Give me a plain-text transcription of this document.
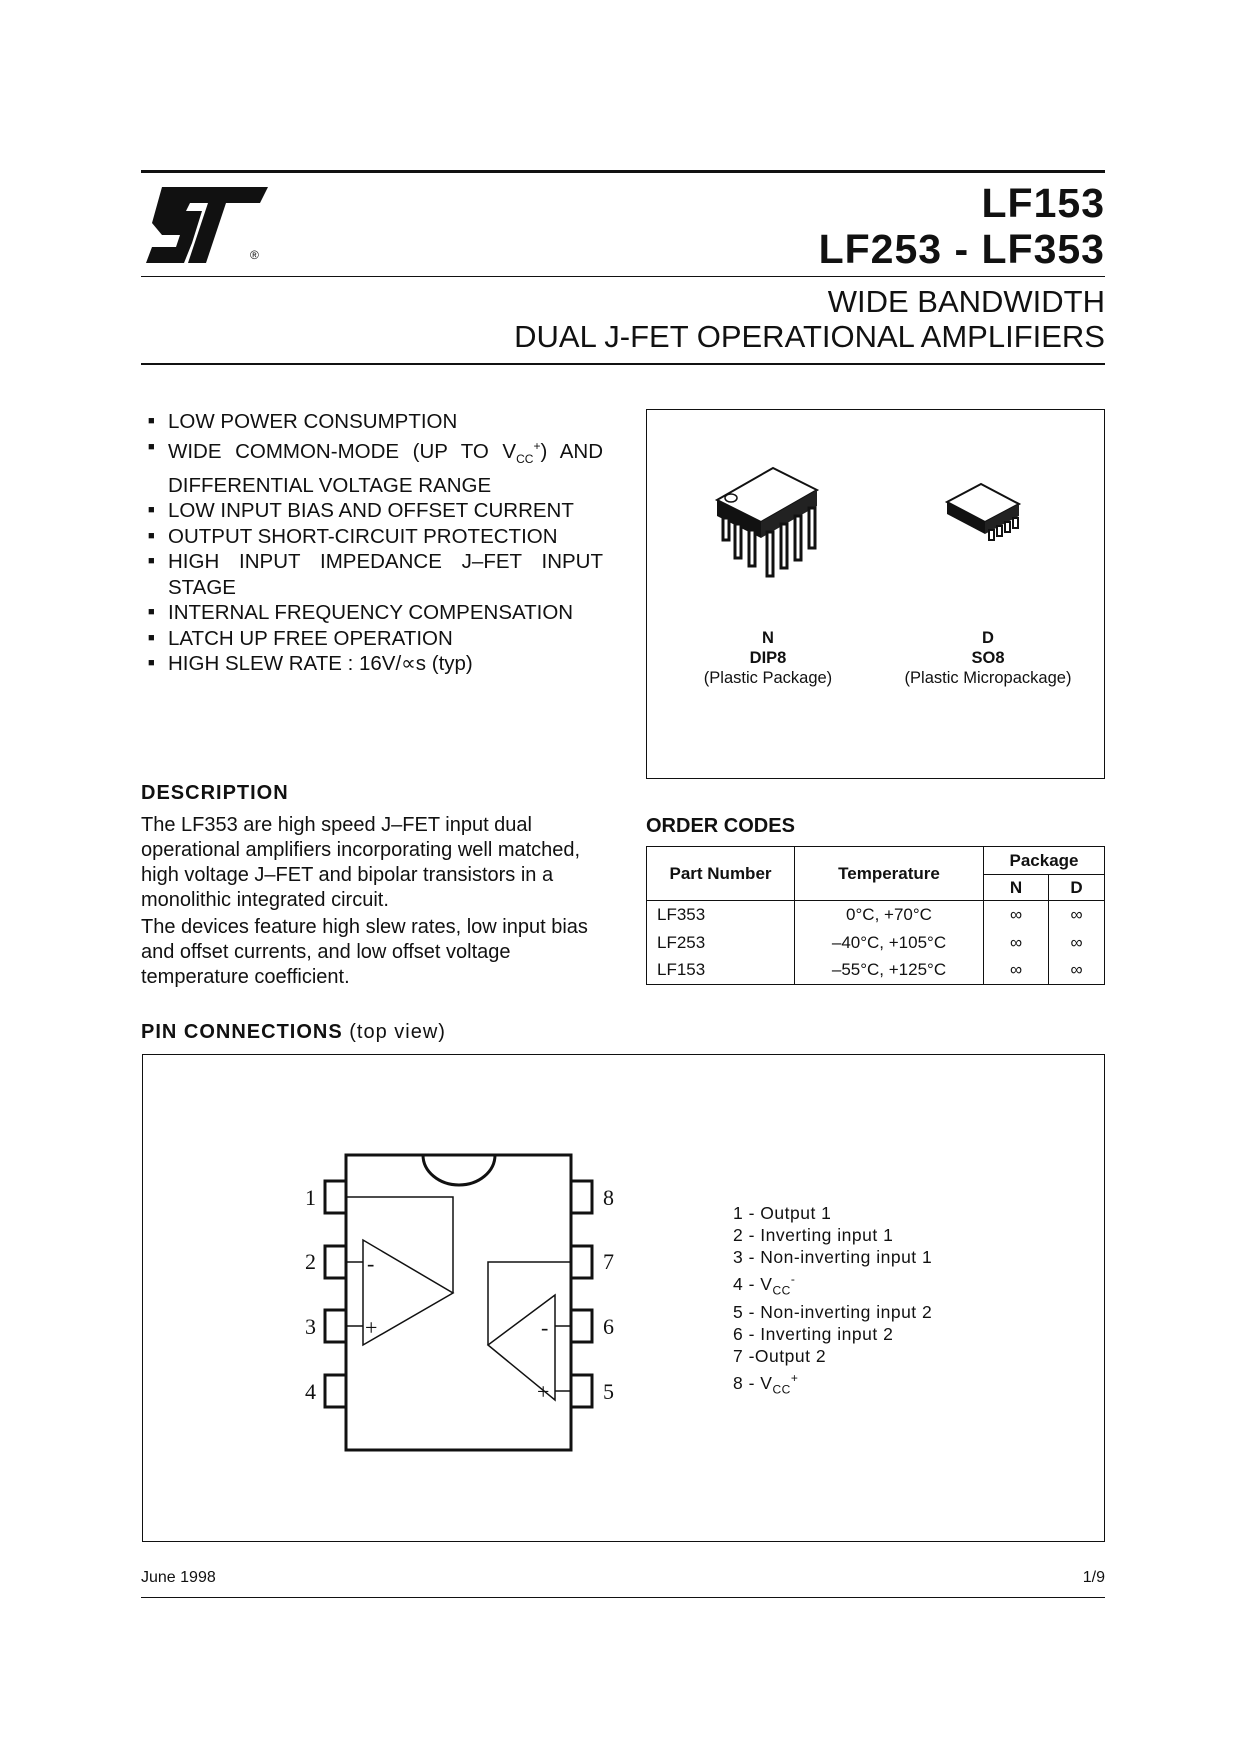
®
LF153
LF253 - LF353
WIDE BANDWIDTH
DUAL J-FET OPERATIONAL AMPLIFIERS
■ LOW POWER CONSUMPTION
■ WIDE COMMON-MODE (UP TO $V_{CC}^+$) AND DIFFERENTIAL VOLTAGE RANGE
■ LOW INPUT BIAS AND OFFSET CURRENT
■ OUTPUT SHORT-CIRCUIT PROTECTION
■ HIGH INPUT IMPEDANCE J–FET INPUT STAGE
■ INTERNAL FREQUENCY COMPENSATION
■ LATCH UP FREE OPERATION
■ HIGH SLEW RATE : 16V/∝s (typ)
N
DIP8
(Plastic Package)
D
SO8
(Plastic Micropackage)
DESCRIPTION

The LF353 are high speed J–FET input dual operational amplifiers incorporating well matched, high voltage J–FET and bipolar transistors in a monolithic integrated circuit.

The devices feature high slew rates, low input bias and offset currents, and low offset voltage temperature coefficient.

ORDER CODES
Part Number	Temperature	Package	
		N	D
LF353	0°C, +70°C	∞	∞
LF253	–40°C, +105°C	∞	∞
LF153	–55°C, +125°C	∞	∞
PIN CONNECTIONS (top view)
1
2
3
4	5
6
7
8
-
+	-
+
1 - Output 1
2 - Inverting input 1
3 - Non-inverting input 1
$4 - V_{CC}^-$
5 - Non-inverting input 2
6 - Inverting input 2
7 -Output 2
$8 - V_{CC}^+$
June 1998	1/9
